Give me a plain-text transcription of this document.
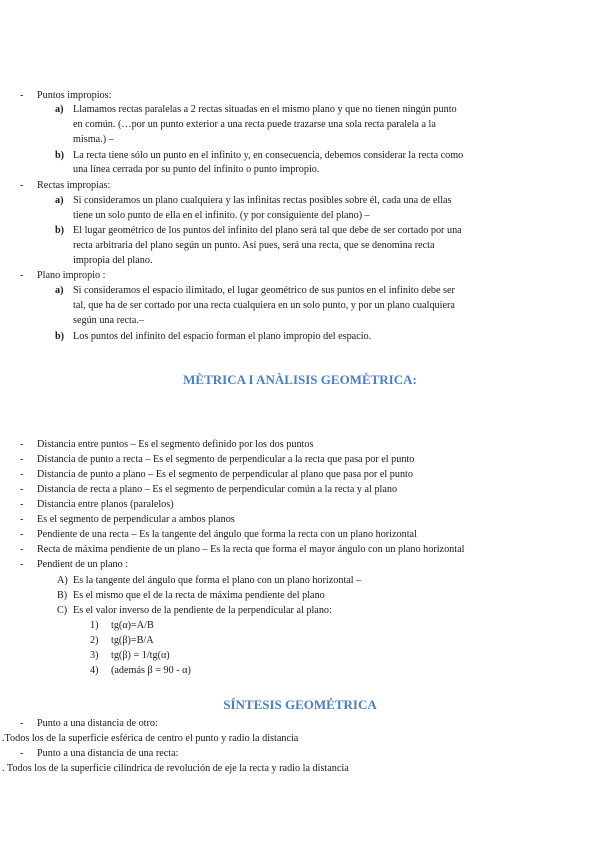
- Puntos impropios:
a) Llamamos rectas paralelas a 2 rectas situadas en el mismo plano y que no tienen ningún punto
en común. (…por un punto exterior a una recta puede trazarse una sola recta paralela a la
misma.) –
b) La recta tiene sólo un punto en el infinito y, en consecuencia, debemos considerar la recta como
una línea cerrada por su punto del infinito o punto impropio.
- Rectas impropias:
a) Si consideramos un plano cualquiera y las infinitas rectas posibles sobre él, cada una de ellas
tiene un solo punto de ella en el infinito. (y por consiguiente del plano) –
b) El lugar geométrico de los puntos del infinito del plano será tal que debe de ser cortado por una
recta arbitraria del plano según un punto. Así pues, será una recta, que se denomina recta
impropia del plano.
- Plano impropio :
a) Si consideramos el espacio ilimitado, el lugar geométrico de sus puntos en el infinito debe ser
tal, que ha de ser cortado por una recta cualquiera en un solo punto, y por un plano cualquiera
según una recta.–
b) Los puntos del infinito del espacio forman el plano impropio del espacio.
MÈTRICA I ANÀLISIS GEOMÈTRICA:
- Distancia entre puntos – Es el segmento definido por los dos puntos
- Distancia de punto a recta – Es el segmento de perpendicular a la recta que pasa por el punto
- Distancia de punto a plano – Es el segmento de perpendicular al plano que pasa por el punto
- Distancia de recta a plano – Es el segmento de perpendicular común a la recta y al plano
- Distancia entre planos (paralelos)
- Es el segmento de perpendicular a ambos planos
- Pendiente de una recta – Es la tangente del ángulo que forma la recta con un plano horizontal
- Recta de máxima pendiente de un plano – Es la recta que forma el mayor ángulo con un plano horizontal
- Pendient de un plano :
A) Es la tangente del ángulo que forma el plano con un plano horizontal –
B) Es el mismo que el de la recta de máxima pendiente del plano
C) Es el valor inverso de la pendiente de la perpendicular al plano:
1) tg(α)=A/B
2) tg(β)=B/A
3) tg(β) = 1/tg(α)
4) (además β = 90 - α)
SÍNTESIS GEOMÉTRICA
- Punto a una distancia de otro:
.Todos los de la superficie esférica de centro el punto y radio la distancia
- Punto a una distancia de una recta:
. Todos los de la superficie cilíndrica de revolución de eje la recta y radio la distancia
